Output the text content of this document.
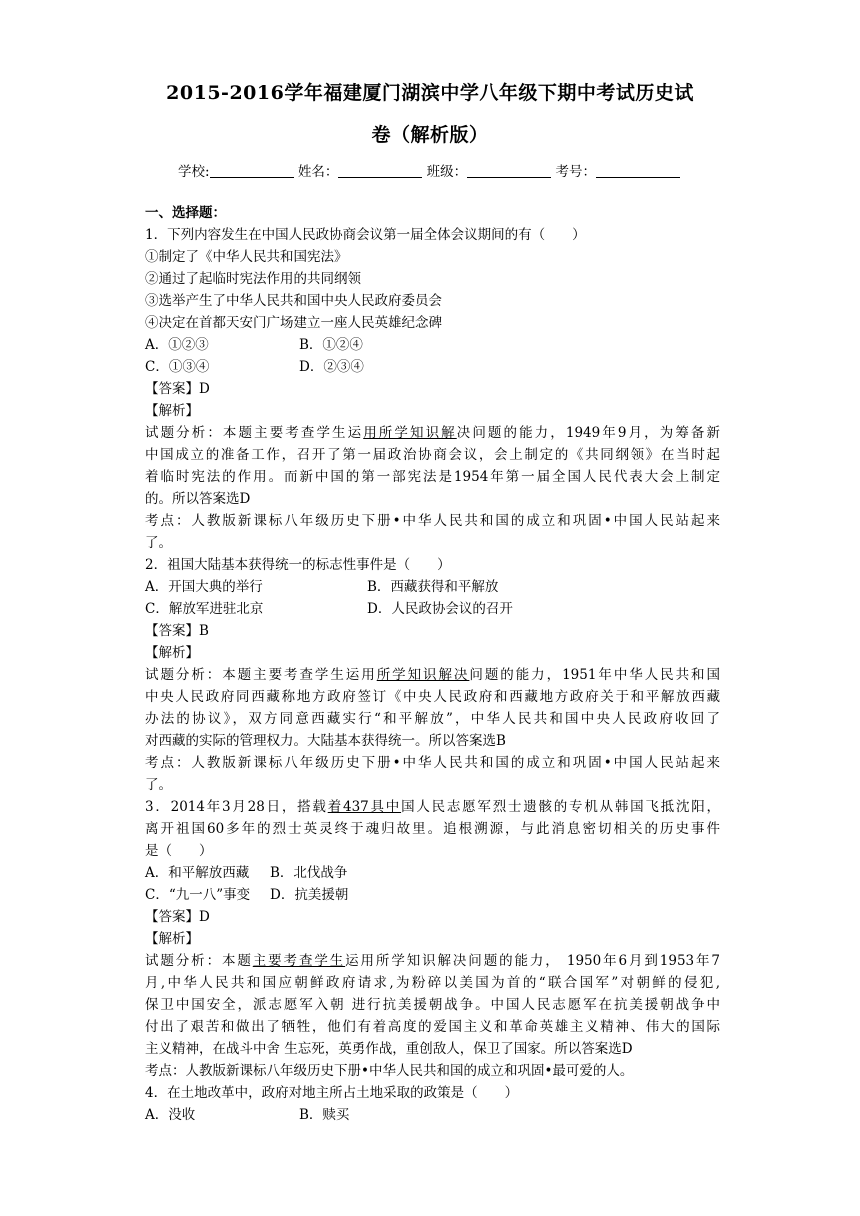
2015-2016学年福建厦门湖滨中学八年级下期中考试历史试
卷（解析版）
学校:	姓名：	班级：	考号：
一、选择题：
1．下列内容发生在中国人民政协商会议第一届全体会议期间的有（　　）
①制定了《中华人民共和国宪法》
②通过了起临时宪法作用的共同纲领
③选举产生了中华人民共和国中央人民政府委员会
④决定在首都天安门广场建立一座人民英雄纪念碑
A．①②③	B．①②④
C．①③④	D．②③④
【答案】D
【解析】
试题分析：本题主要考查学生运用所学知识解决问题的能力，1949年9月，为筹备新
中国成立的准备工作，召开了第一届政治协商会议，会上制定的《共同纲领》在当时起
着临时宪法的作用。而新中国的第一部宪法是1954年第一届全国人民代表大会上制定
的。所以答案选D
考点：人教版新课标八年级历史下册•中华人民共和国的成立和巩固•中国人民站起来
了。
2．祖国大陆基本获得统一的标志性事件是（　　）
A．开国大典的举行	B．西藏获得和平解放
C．解放军进驻北京	D．人民政协会议的召开
【答案】B
【解析】
试题分析：本题主要考查学生运用所学知识解决问题的能力，1951年中华人民共和国
中央人民政府同西藏称地方政府签订《中央人民政府和西藏地方政府关于和平解放西藏
办法的协议》，双方同意西藏实行“和平解放”，中华人民共和国中央人民政府收回了
对西藏的实际的管理权力。大陆基本获得统一。所以答案选B
考点：人教版新课标八年级历史下册•中华人民共和国的成立和巩固•中国人民站起来
了。
3．2014年3月28日，搭载着437具中国人民志愿军烈士遗骸的专机从韩国飞抵沈阳，
离开祖国60多年的烈士英灵终于魂归故里。追根溯源，与此消息密切相关的历史事件
是（　　）
A．和平解放西藏 B．北伐战争
C．“九一八”事变 D．抗美援朝
【答案】D
【解析】
试题分析：本题主要考查学生运用所学知识解决问题的能力， 1950年6月到1953年7
月,中华人民共和国应朝鲜政府请求,为粉碎以美国为首的“联合国军”对朝鲜的侵犯,
保卫中国安全，派志愿军入朝 进行抗美援朝战争。中国人民志愿军在抗美援朝战争中
付出了艰苦和做出了牺牲，他们有着高度的爱国主义和革命英雄主义精神、伟大的国际
主义精神，在战斗中舍 生忘死，英勇作战，重创敌人，保卫了国家。所以答案选D
考点：人教版新课标八年级历史下册•中华人民共和国的成立和巩固•最可爱的人。
4．在土地改革中，政府对地主所占土地采取的政策是（　　）
A．没收	B．赎买
